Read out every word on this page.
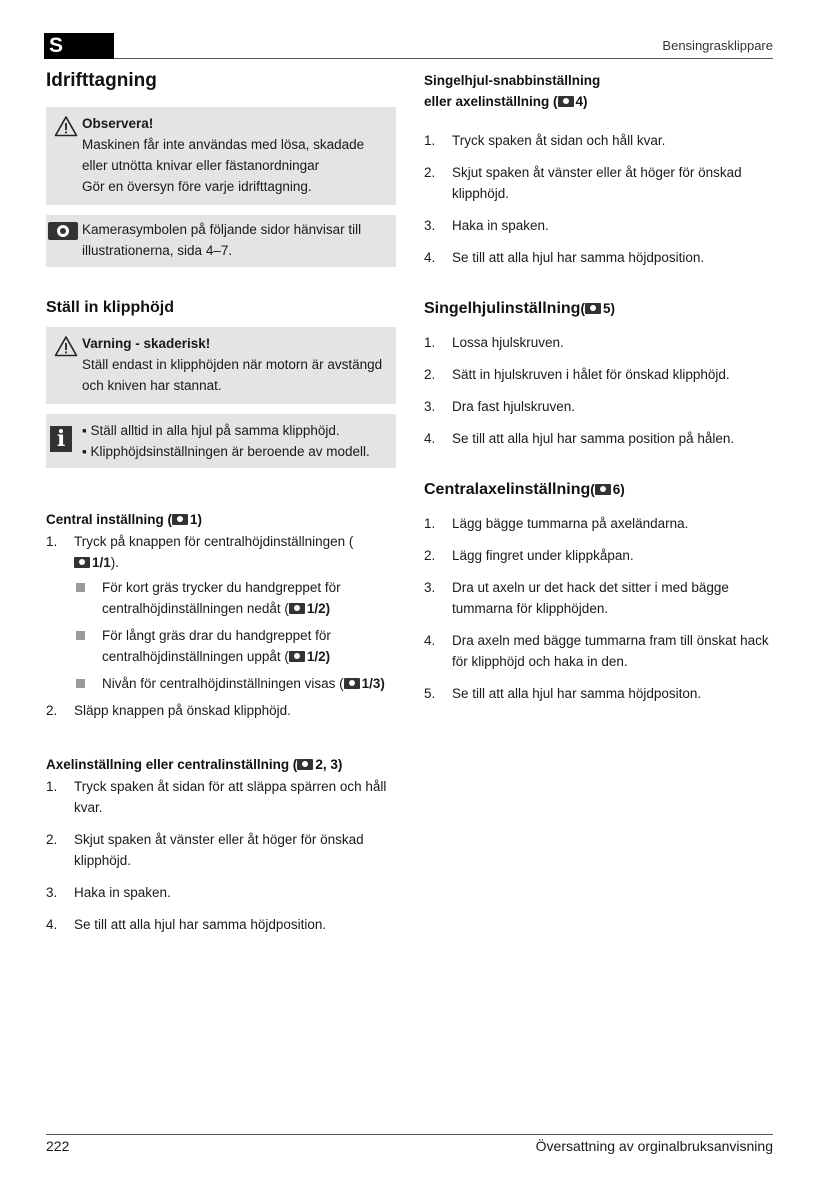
S	Bensingrasklippare
Idrifttagning
Observera!
Maskinen får inte användas med lösa, skadade eller utnötta knivar eller fästanordningar
Gör en översyn före varje idrifttagning.
Kamerasymbolen på följande sidor hänvisar till illustrationerna, sida 4–7.
Ställ in klipphöjd
Varning - skaderisk!
Ställ endast in klipphöjden när motorn är avstängd och kniven har stannat.
i	▪ Ställ alltid in alla hjul på samma klipphöjd.
▪ Klipphöjdsinställningen är beroende av modell.
Central inställning ( 1)
1. Tryck på knappen för centralhöjdinställningen (1/1).
För kort gräs trycker du handgreppet för centralhöjdinställningen nedåt ( 1/2)
För långt gräs drar du handgreppet för centralhöjdinställningen uppåt ( 1/2)
Nivån för centralhöjdinställningen visas ( 1/3)
2. Släpp knappen på önskad klipphöjd.
Axelinställning eller centralinställning ( 2, 3)
1. Tryck spaken åt sidan för att släppa spärren och håll kvar.
2. Skjut spaken åt vänster eller åt höger för önskad klipphöjd.
3. Haka in spaken.
4. Se till att alla hjul har samma höjdposition.
Singelhjul-snabbinställning
eller axelinställning ( 4)
1. Tryck spaken åt sidan och håll kvar.
2. Skjut spaken åt vänster eller åt höger för önskad klipphöjd.
3. Haka in spaken.
4. Se till att alla hjul har samma höjdposition.
Singelhjulinställning( 5)
1. Lossa hjulskruven.
2. Sätt in hjulskruven i hålet för önskad klipphöjd.
3. Dra fast hjulskruven.
4. Se till att alla hjul har samma position på hålen.
Centralaxelinställning( 6)
1. Lägg bägge tummarna på axeländarna.
2. Lägg fingret under klippkåpan.
3. Dra ut axeln ur det hack det sitter i med bägge tummarna för klipphöjden.
4. Dra axeln med bägge tummarna fram till önskat hack för klipphöjd och haka in den.
5. Se till att alla hjul har samma höjdpositon.
222	Översattning av orginalbruksanvisning
